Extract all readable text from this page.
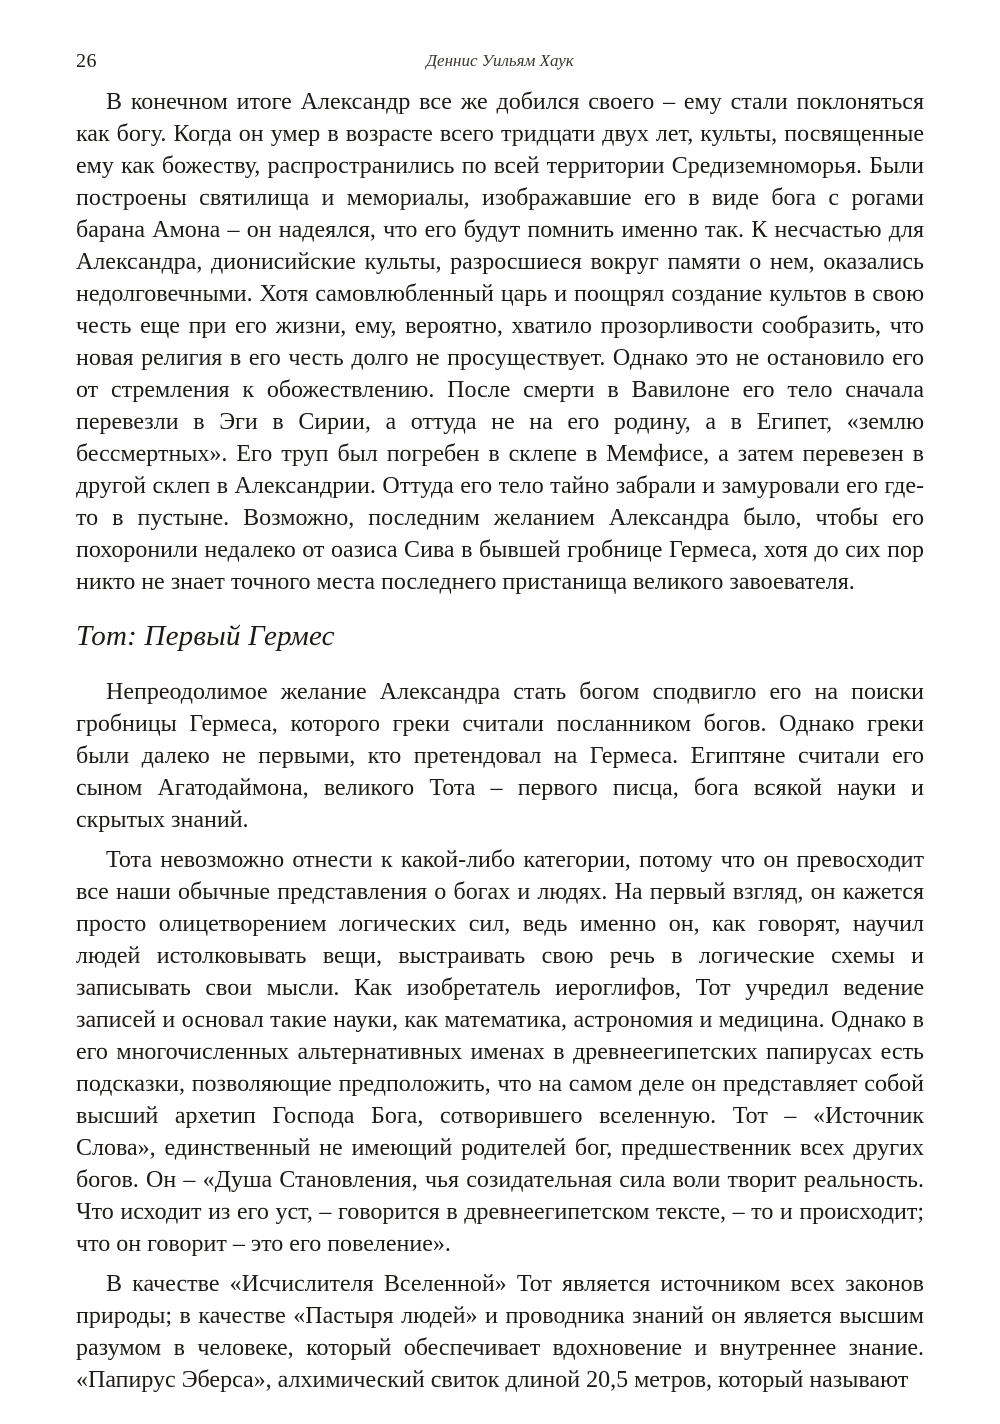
26	Деннис Уильям Хаук

В конечном итоге Александр все же добился своего – ему стали поклоняться как богу. Когда он умер в возрасте всего тридцати двух лет, культы, посвященные ему как божеству, распространились по всей территории Средиземноморья. Были построены святилища и мемориалы, изображавшие его в виде бога с рогами барана Амона – он надеялся, что его будут помнить именно так. К несчастью для Александра, дионисийские культы, разросшиеся вокруг памяти о нем, оказались недолговечными. Хотя самовлюбленный царь и поощрял создание культов в свою честь еще при его жизни, ему, вероятно, хватило прозорливости сообразить, что новая религия в его честь долго не просуществует. Однако это не остановило его от стремления к обожествлению. После смерти в Вавилоне его тело сначала перевезли в Эги в Сирии, а оттуда не на его родину, а в Египет, «землю бессмертных». Его труп был погребен в склепе в Мемфисе, а затем перевезен в другой склеп в Александрии. Оттуда его тело тайно забрали и замуровали его где-то в пустыне. Возможно, последним желанием Александра было, чтобы его похоронили недалеко от оазиса Сива в бывшей гробнице Гермеса, хотя до сих пор никто не знает точного места последнего пристанища великого завоевателя.

Тот: Первый Гермес

Непреодолимое желание Александра стать богом сподвигло его на поиски гробницы Гермеса, которого греки считали посланником богов. Однако греки были далеко не первыми, кто претендовал на Гермеса. Египтяне считали его сыном Агатодаймона, великого Тота – первого писца, бога всякой науки и скрытых знаний.

Тота невозможно отнести к какой-либо категории, потому что он превосходит все наши обычные представления о богах и людях. На первый взгляд, он кажется просто олицетворением логических сил, ведь именно он, как говорят, научил людей истолковывать вещи, выстраивать свою речь в логические схемы и записывать свои мысли. Как изобретатель иероглифов, Тот учредил ведение записей и основал такие науки, как математика, астрономия и медицина. Однако в его многочисленных альтернативных именах в древнеегипетских папирусах есть подсказки, позволяющие предположить, что на самом деле он представляет собой высший архетип Господа Бога, сотворившего вселенную. Тот – «Источник Слова», единственный не имеющий родителей бог, предшественник всех других богов. Он – «Душа Становления, чья созидательная сила воли творит реальность. Что исходит из его уст, – говорится в древнеегипетском тексте, – то и происходит; что он говорит – это его повеление».

В качестве «Исчислителя Вселенной» Тот является источником всех законов природы; в качестве «Пастыря людей» и проводника знаний он является высшим разумом в человеке, который обеспечивает вдохновение и внутреннее знание. «Папирус Эберса», алхимический свиток длиной 20,5 метров, который называют
